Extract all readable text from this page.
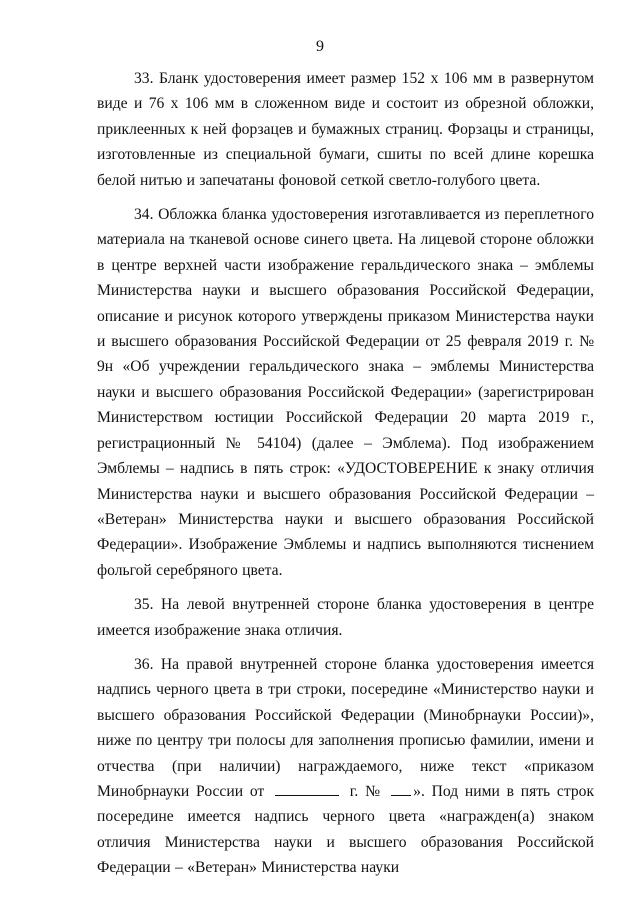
9

33. Бланк удостоверения имеет размер 152 х 106 мм в развернутом виде и 76 х 106 мм в сложенном виде и состоит из обрезной обложки, приклеенных к ней форзацев и бумажных страниц. Форзацы и страницы, изготовленные из специальной бумаги, сшиты по всей длине корешка белой нитью и запечатаны фоновой сеткой светло-голубого цвета.

34. Обложка бланка удостоверения изготавливается из переплетного материала на тканевой основе синего цвета. На лицевой стороне обложки в центре верхней части изображение геральдического знака – эмблемы Министерства науки и высшего образования Российской Федерации, описание и рисунок которого утверждены приказом Министерства науки и высшего образования Российской Федерации от 25 февраля 2019 г. № 9н «Об учреждении геральдического знака – эмблемы Министерства науки и высшего образования Российской Федерации» (зарегистрирован Министерством юстиции Российской Федерации 20 марта 2019 г., регистрационный № 54104) (далее – Эмблема). Под изображением Эмблемы – надпись в пять строк: «УДОСТОВЕРЕНИЕ к знаку отличия Министерства науки и высшего образования Российской Федерации – «Ветеран» Министерства науки и высшего образования Российской Федерации». Изображение Эмблемы и надпись выполняются тиснением фольгой серебряного цвета.

35. На левой внутренней стороне бланка удостоверения в центре имеется изображение знака отличия.

36. На правой внутренней стороне бланка удостоверения имеется надпись черного цвета в три строки, посередине «Министерство науки и высшего образования Российской Федерации (Минобрнауки России)», ниже по центру три полосы для заполнения прописью фамилии, имени и отчества (при наличии) награждаемого, ниже текст «приказом Минобрнауки России от	г. № ». Под ними в пять строк посередине имеется надпись черного цвета «награжден(а) знаком отличия Министерства науки и высшего образования Российской Федерации – «Ветеран» Министерства науки
